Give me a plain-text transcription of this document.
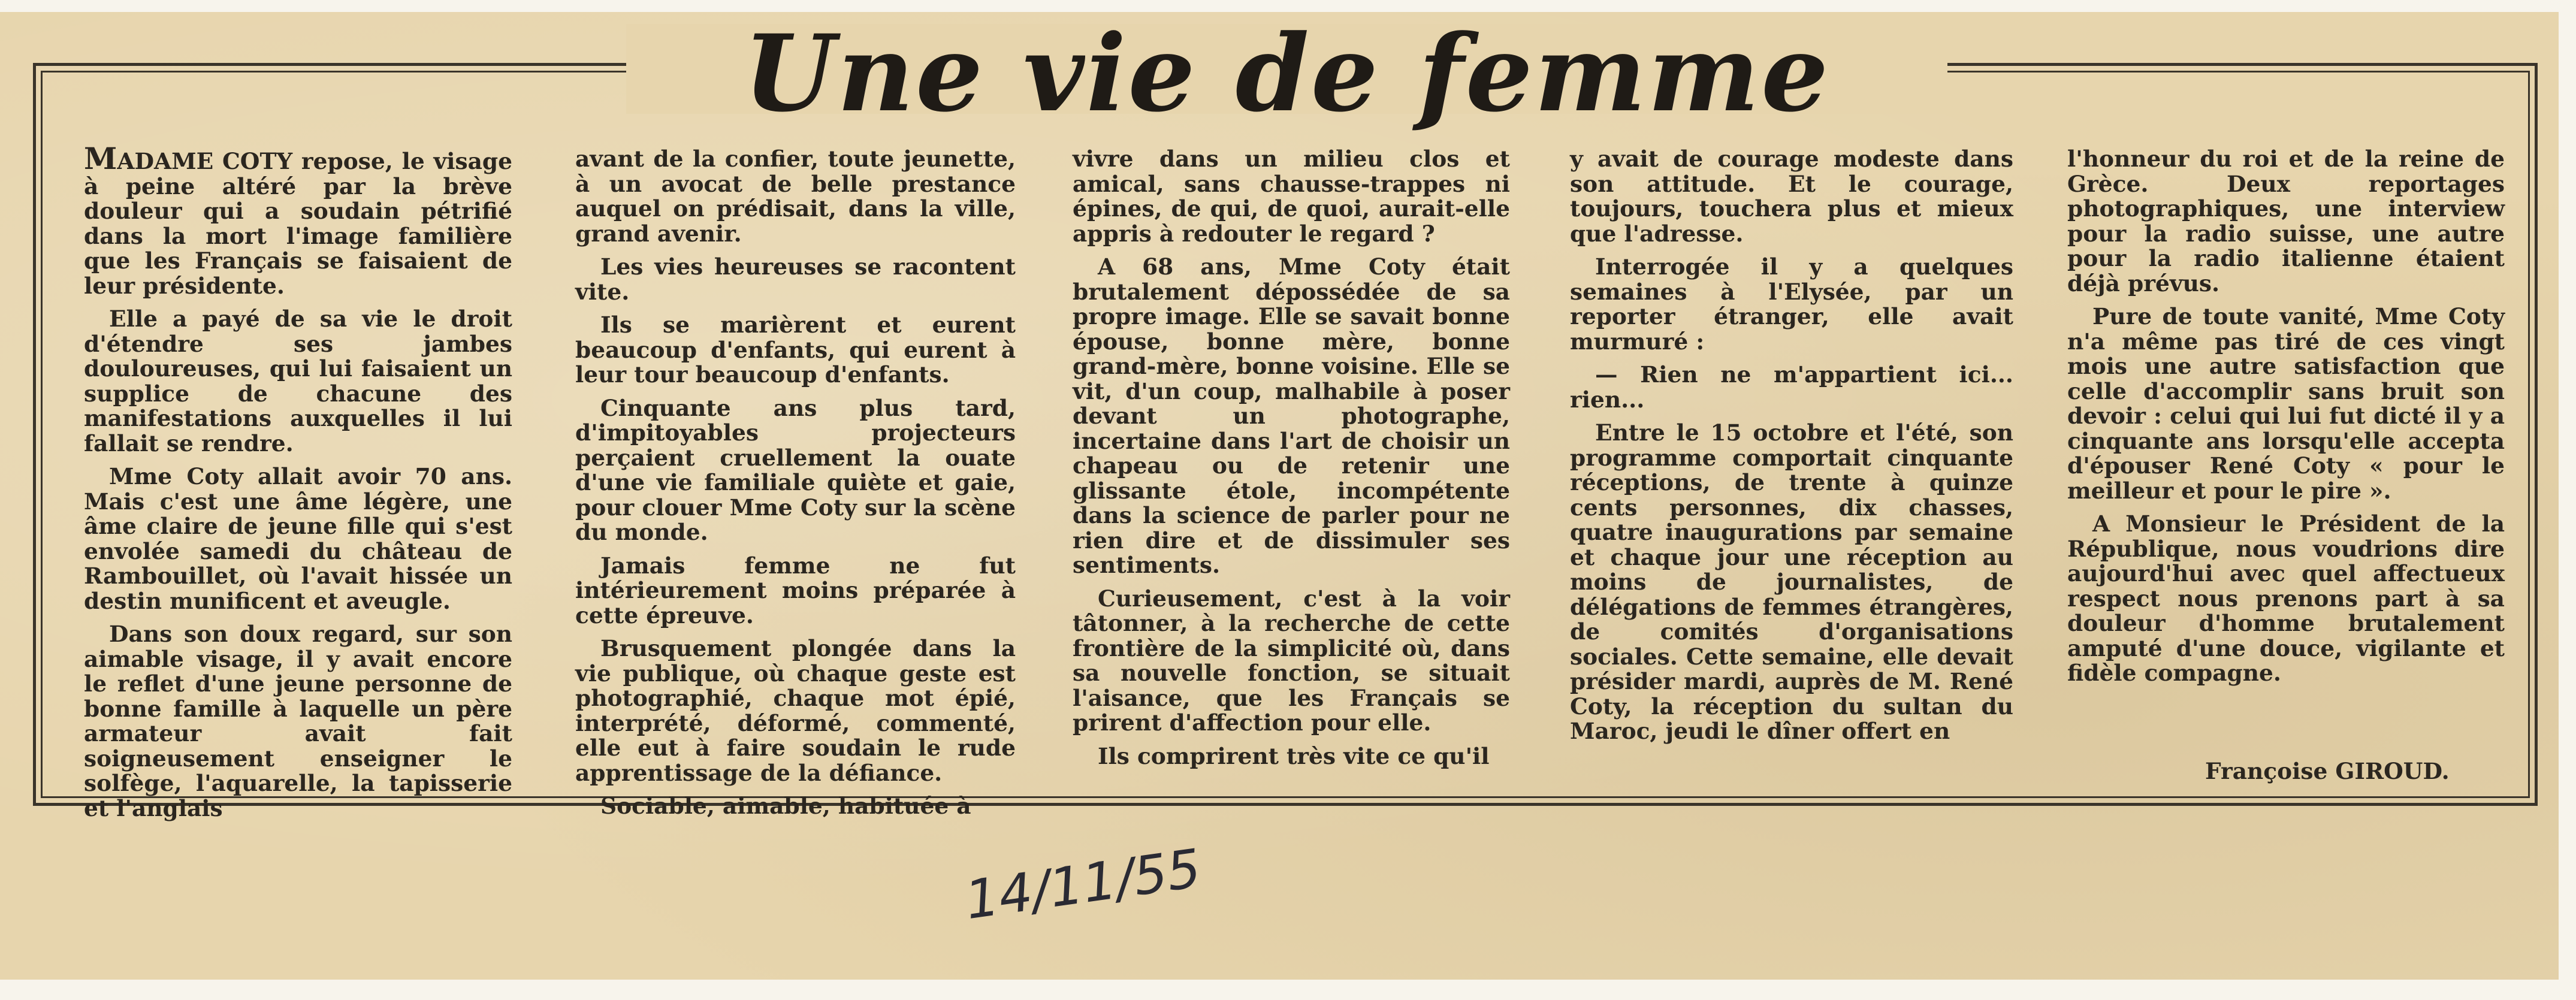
Une vie de femme

MADAME COTY repose, le visage à peine altéré par la brève douleur qui a soudain pétrifié dans la mort l'image familière que les Français se faisaient de leur présidente.

Elle a payé de sa vie le droit d'étendre ses jambes douloureuses, qui lui faisaient un supplice de chacune des manifestations auxquelles il lui fallait se rendre.

Mme Coty allait avoir 70 ans. Mais c'est une âme légère, une âme claire de jeune fille qui s'est envolée samedi du château de Rambouillet, où l'avait hissée un destin munificent et aveugle.

Dans son doux regard, sur son aimable visage, il y avait encore le reflet d'une jeune personne de bonne famille à laquelle un père armateur avait fait soigneusement enseigner le solfège, l'aquarelle, la tapisserie et l'anglais

avant de la confier, toute jeunette, à un avocat de belle prestance auquel on prédisait, dans la ville, grand avenir.

Les vies heureuses se racontent vite.

Ils se marièrent et eurent beaucoup d'enfants, qui eurent à leur tour beaucoup d'enfants.

Cinquante ans plus tard, d'impitoyables projecteurs perçaient cruellement la ouate d'une vie familiale quiète et gaie, pour clouer Mme Coty sur la scène du monde.

Jamais femme ne fut intérieurement moins préparée à cette épreuve.

Brusquement plongée dans la vie publique, où chaque geste est photographié, chaque mot épié, interprété, déformé, commenté, elle eut à faire soudain le rude apprentissage de la défiance.

Sociable, aimable, habituée à

vivre dans un milieu clos et amical, sans chausse-trappes ni épines, de qui, de quoi, aurait-elle appris à redouter le regard ?

A 68 ans, Mme Coty était brutalement dépossédée de sa propre image. Elle se savait bonne épouse, bonne mère, bonne grand-mère, bonne voisine. Elle se vit, d'un coup, malhabile à poser devant un photographe, incertaine dans l'art de choisir un chapeau ou de retenir une glissante étole, incompétente dans la science de parler pour ne rien dire et de dissimuler ses sentiments.

Curieusement, c'est à la voir tâtonner, à la recherche de cette frontière de la simplicité où, dans sa nouvelle fonction, se situait l'aisance, que les Français se prirent d'affection pour elle.

Ils comprirent très vite ce qu'il

y avait de courage modeste dans son attitude. Et le courage, toujours, touchera plus et mieux que l'adresse.

Interrogée il y a quelques semaines à l'Elysée, par un reporter étranger, elle avait murmuré :

— Rien ne m'appartient ici... rien...

Entre le 15 octobre et l'été, son programme comportait cinquante réceptions, de trente à quinze cents personnes, dix chasses, quatre inaugurations par semaine et chaque jour une réception au moins de journalistes, de délégations de femmes étrangères, de comités d'organisations sociales. Cette semaine, elle devait présider mardi, auprès de M. René Coty, la réception du sultan du Maroc, jeudi le dîner offert en

l'honneur du roi et de la reine de Grèce. Deux reportages photographiques, une interview pour la radio suisse, une autre pour la radio italienne étaient déjà prévus.

Pure de toute vanité, Mme Coty n'a même pas tiré de ces vingt mois une autre satisfaction que celle d'accomplir sans bruit son devoir : celui qui lui fut dicté il y a cinquante ans lorsqu'elle accepta d'épouser René Coty « pour le meilleur et pour le pire ».

A Monsieur le Président de la République, nous voudrions dire aujourd'hui avec quel affectueux respect nous prenons part à sa douleur d'homme brutalement amputé d'une douce, vigilante et fidèle compagne.

Françoise GIROUD.
14/11/55
